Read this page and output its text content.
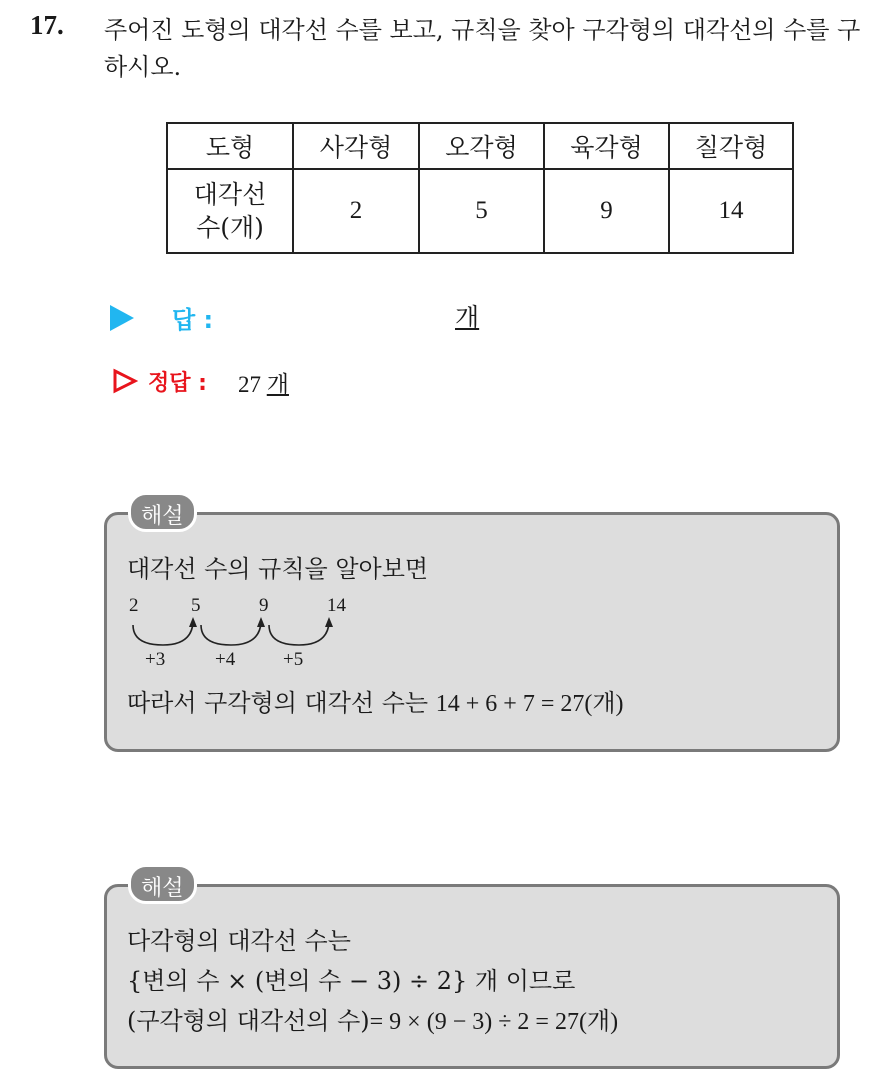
17. 주어진 도형의 대각선 수를 보고, 규칙을 찾아 구각형의 대각선의 수를 구하시오.
도형	사각형	오각형	육각형	칠각형

대각선
수(개)	2	5	9	14
답 :	개
정답 : 27 개
대각선 수의 규칙을 알아보면
2	5	9	14
+3	+4	+5
따라서 구각형의 대각선 수는 14 + 6 + 7 = 27(개)
해설
다각형의 대각선 수는
{변의 수 × (변의 수 − 3) ÷ 2} 개 이므로
(구각형의 대각선의 수)= 9 × (9 − 3) ÷ 2 = 27(개)
해설
